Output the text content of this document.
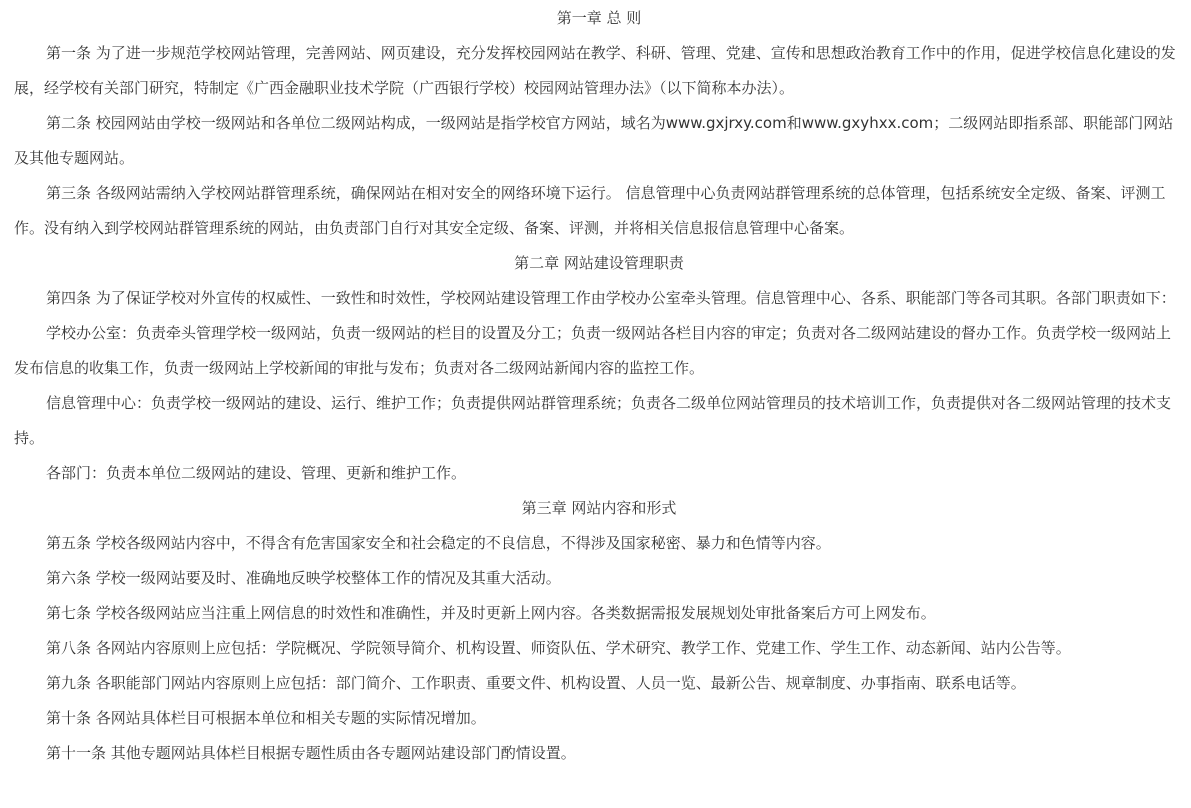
第一章 总 则

第一条 为了进一步规范学校网站管理，完善网站、网页建设，充分发挥校园网站在教学、科研、管理、党建、宣传和思想政治教育工作中的作用，促进学校信息化建设的发展，经学校有关部门研究，特制定《广西金融职业技术学院（广西银行学校）校园网站管理办法》（以下简称本办法）。

第二条 校园网站由学校一级网站和各单位二级网站构成，一级网站是指学校官方网站，域名为www.gxjrxy.com和www.gxyhxx.com；二级网站即指系部、职能部门网站及其他专题网站。

第三条 各级网站需纳入学校网站群管理系统，确保网站在相对安全的网络环境下运行。 信息管理中心负责网站群管理系统的总体管理，包括系统安全定级、备案、评测工作。没有纳入到学校网站群管理系统的网站，由负责部门自行对其安全定级、备案、评测，并将相关信息报信息管理中心备案。

第二章 网站建设管理职责

第四条 为了保证学校对外宣传的权威性、一致性和时效性，学校网站建设管理工作由学校办公室牵头管理。信息管理中心、各系、职能部门等各司其职。各部门职责如下：

学校办公室：负责牵头管理学校一级网站，负责一级网站的栏目的设置及分工；负责一级网站各栏目内容的审定；负责对各二级网站建设的督办工作。负责学校一级网站上发布信息的收集工作，负责一级网站上学校新闻的审批与发布；负责对各二级网站新闻内容的监控工作。

信息管理中心：负责学校一级网站的建设、运行、维护工作；负责提供网站群管理系统；负责各二级单位网站管理员的技术培训工作，负责提供对各二级网站管理的技术支持。

各部门：负责本单位二级网站的建设、管理、更新和维护工作。

第三章 网站内容和形式

第五条 学校各级网站内容中，不得含有危害国家安全和社会稳定的不良信息，不得涉及国家秘密、暴力和色情等内容。

第六条 学校一级网站要及时、准确地反映学校整体工作的情况及其重大活动。

第七条 学校各级网站应当注重上网信息的时效性和准确性，并及时更新上网内容。各类数据需报发展规划处审批备案后方可上网发布。

第八条 各网站内容原则上应包括：学院概况、学院领导简介、机构设置、师资队伍、学术研究、教学工作、党建工作、学生工作、动态新闻、站内公告等。

第九条 各职能部门网站内容原则上应包括：部门简介、工作职责、重要文件、机构设置、人员一览、最新公告、规章制度、办事指南、联系电话等。

第十条 各网站具体栏目可根据本单位和相关专题的实际情况增加。

第十一条 其他专题网站具体栏目根据专题性质由各专题网站建设部门酌情设置。
